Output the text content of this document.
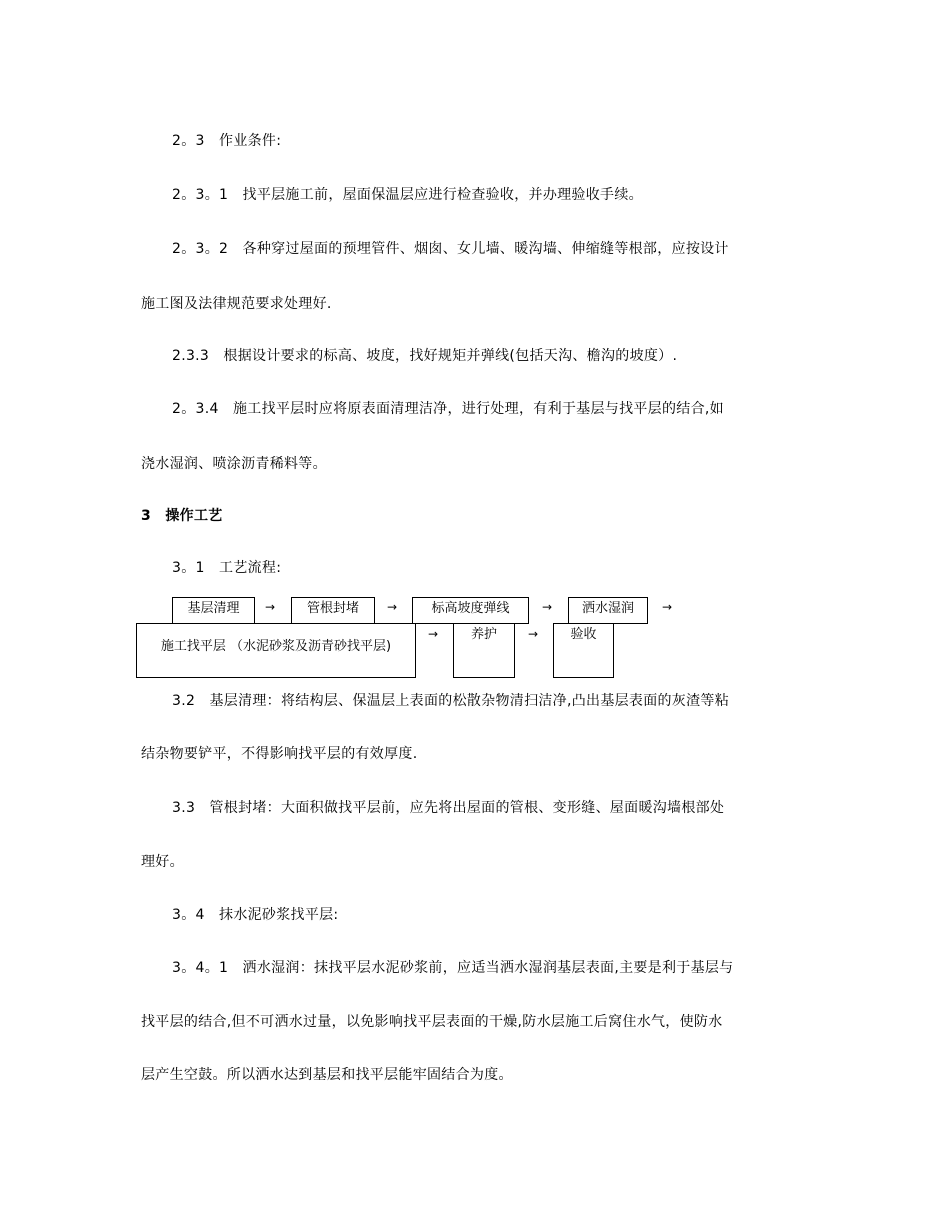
2。3　作业条件:
2。3。1　找平层施工前，屋面保温层应进行检查验收，并办理验收手续。
2。3。2　各种穿过屋面的预埋管件、烟囱、女儿墙、暖沟墙、伸缩缝等根部，应按设计
施工图及法律规范要求处理好.
2.3.3　根据设计要求的标高、坡度，找好规矩并弹线(包括天沟、檐沟的坡度）.
2。3.4　施工找平层时应将原表面清理洁净，进行处理，有利于基层与找平层的结合,如
浇水湿润、喷涂沥青稀料等。
3　操作工艺
3。1　工艺流程:
基层清理	→	管根封堵	→	标高坡度弹线	→	洒水湿润	→
施工找平层 （水泥砂浆及沥青砂找平层)
→	养护	→	验收
3.2　基层清理：将结构层、保温层上表面的松散杂物清扫洁净,凸出基层表面的灰渣等粘
结杂物要铲平，不得影响找平层的有效厚度.
3.3　管根封堵：大面积做找平层前，应先将出屋面的管根、变形缝、屋面暖沟墙根部处
理好。
3。4　抹水泥砂浆找平层:
3。4。1　洒水湿润：抹找平层水泥砂浆前，应适当洒水湿润基层表面,主要是利于基层与
找平层的结合,但不可洒水过量，以免影响找平层表面的干燥,防水层施工后窝住水气，使防水
层产生空鼓。所以洒水达到基层和找平层能牢固结合为度。
